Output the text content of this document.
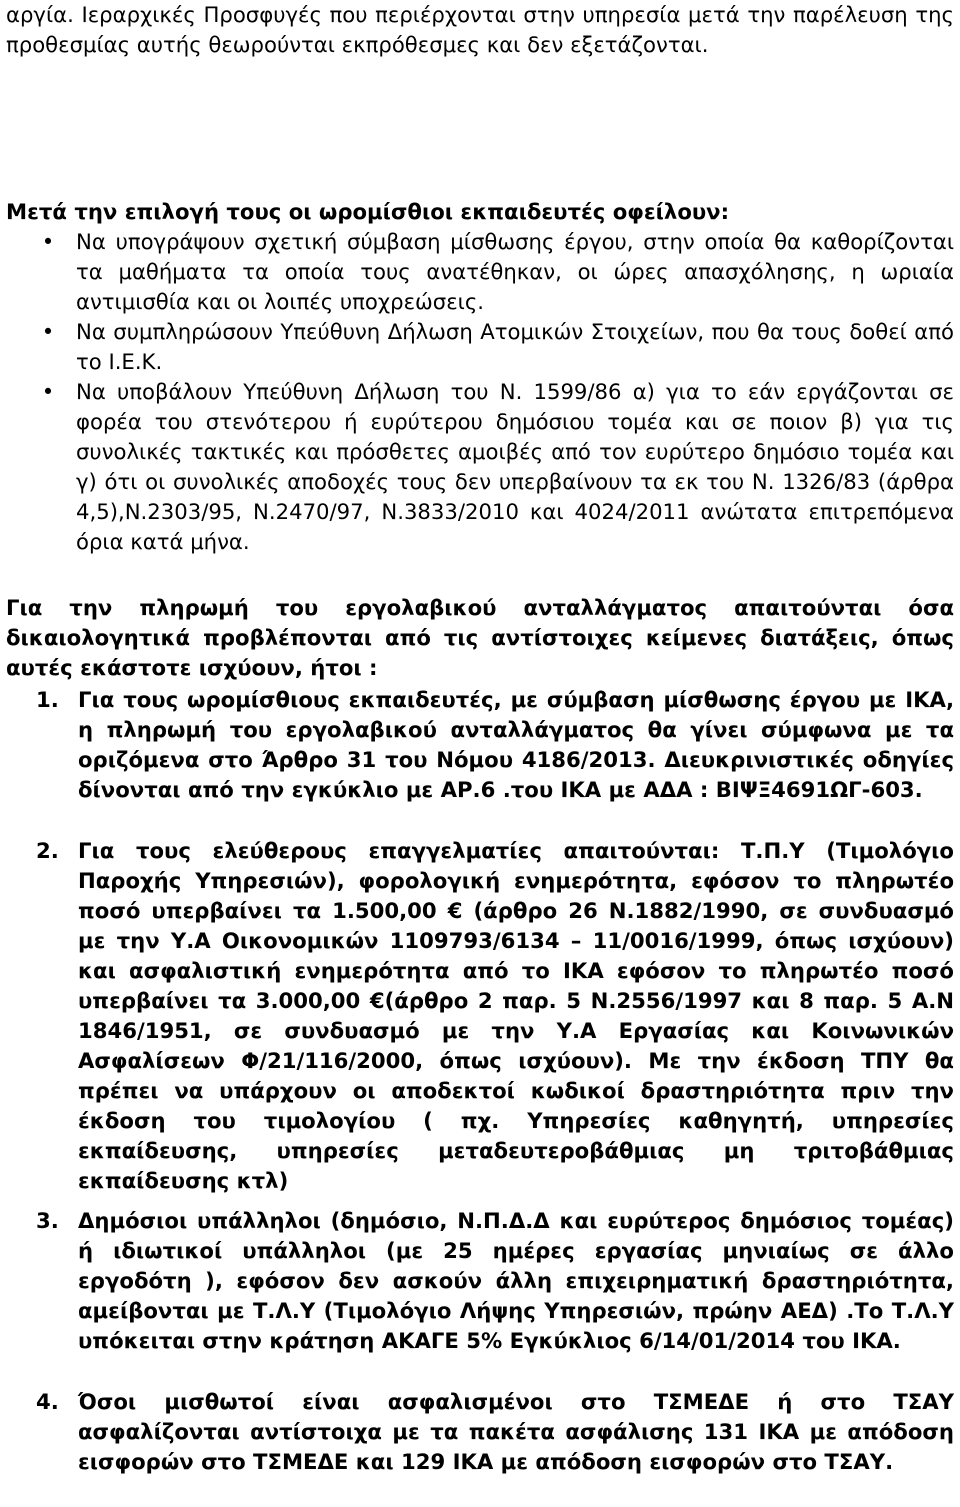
αργία. Ιεραρχικές Προσφυγές που περιέρχονται στην υπηρεσία μετά την παρέλευση της προθεσμίας αυτής θεωρούνται εκπρόθεσμες και δεν εξετάζονται.

Μετά την επιλογή τους οι ωρομίσθιοι εκπαιδευτές οφείλουν:

• Να υπογράψουν σχετική σύμβαση μίσθωσης έργου, στην οποία θα καθορίζονται τα μαθήματα τα οποία τους ανατέθηκαν, οι ώρες απασχόλησης, η ωριαία αντιμισθία και οι λοιπές υποχρεώσεις.
• Να συμπληρώσουν Υπεύθυνη Δήλωση Ατομικών Στοιχείων, που θα τους δοθεί από το Ι.Ε.Κ.
• Να υποβάλουν Υπεύθυνη Δήλωση του Ν. 1599/86 α) για το εάν εργάζονται σε φορέα του στενότερου ή ευρύτερου δημόσιου τομέα και σε ποιον β) για τις συνολικές τακτικές και πρόσθετες αμοιβές από τον ευρύτερο δημόσιο τομέα και γ) ότι οι συνολικές αποδοχές τους δεν υπερβαίνουν τα εκ του Ν. 1326/83 (άρθρα 4,5),Ν.2303/95, Ν.2470/97, Ν.3833/2010 και 4024/2011 ανώτατα επιτρεπόμενα όρια κατά μήνα.

Για την πληρωμή του εργολαβικού ανταλλάγματος απαιτούνται όσα δικαιολογητικά προβλέπονται από τις αντίστοιχες κείμενες διατάξεις, όπως αυτές εκάστοτε ισχύουν, ήτοι :

1. Για τους ωρομίσθιους εκπαιδευτές, με σύμβαση μίσθωσης έργου με ΙΚΑ, η πληρωμή του εργολαβικού ανταλλάγματος θα γίνει σύμφωνα με τα οριζόμενα στο Άρθρο 31 του Νόμου 4186/2013. Διευκρινιστικές οδηγίες δίνονται από την εγκύκλιο με ΑΡ.6 .του ΙΚΑ με ΑΔΑ : ΒΙΨΞ4691ΩΓ-603.
2. Για τους ελεύθερους επαγγελματίες απαιτούνται: Τ.Π.Υ (Τιμολόγιο Παροχής Υπηρεσιών), φορολογική ενημερότητα, εφόσον το πληρωτέο ποσό υπερβαίνει τα 1.500,00 € (άρθρο 26 Ν.1882/1990, σε συνδυασμό με την Υ.Α Οικονομικών 1109793/6134 – 11/0016/1999, όπως ισχύουν) και ασφαλιστική ενημερότητα από το ΙΚΑ εφόσον το πληρωτέο ποσό υπερβαίνει τα 3.000,00 €(άρθρο 2 παρ. 5 Ν.2556/1997 και 8 παρ. 5 Α.Ν 1846/1951, σε συνδυασμό με την Υ.Α Εργασίας και Κοινωνικών Ασφαλίσεων Φ/21/116/2000, όπως ισχύουν). Με την έκδοση ΤΠΥ θα πρέπει να υπάρχουν οι αποδεκτοί κωδικοί δραστηριότητα πριν την έκδοση του τιμολογίου ( πχ. Υπηρεσίες καθηγητή, υπηρεσίες εκπαίδευσης, υπηρεσίες μεταδευτεροβάθμιας μη τριτοβάθμιας εκπαίδευσης κτλ)
3. Δημόσιοι υπάλληλοι (δημόσιο, Ν.Π.Δ.Δ και ευρύτερος δημόσιος τομέας) ή ιδιωτικοί υπάλληλοι (με 25 ημέρες εργασίας μηνιαίως σε άλλο εργοδότη ), εφόσον δεν ασκούν άλλη επιχειρηματική δραστηριότητα, αμείβονται με Τ.Λ.Υ (Τιμολόγιο Λήψης Υπηρεσιών, πρώην ΑΕΔ) .Το Τ.Λ.Υ υπόκειται στην κράτηση ΑΚΑΓΕ 5% Εγκύκλιος 6/14/01/2014 του ΙΚΑ.
4. Όσοι μισθωτοί είναι ασφαλισμένοι στο ΤΣΜΕΔΕ ή στο ΤΣΑΥ ασφαλίζονται αντίστοιχα με τα πακέτα ασφάλισης 131 ΙΚΑ με απόδοση εισφορών στο ΤΣΜΕΔΕ και 129 ΙΚΑ με απόδοση εισφορών στο ΤΣΑΥ.
